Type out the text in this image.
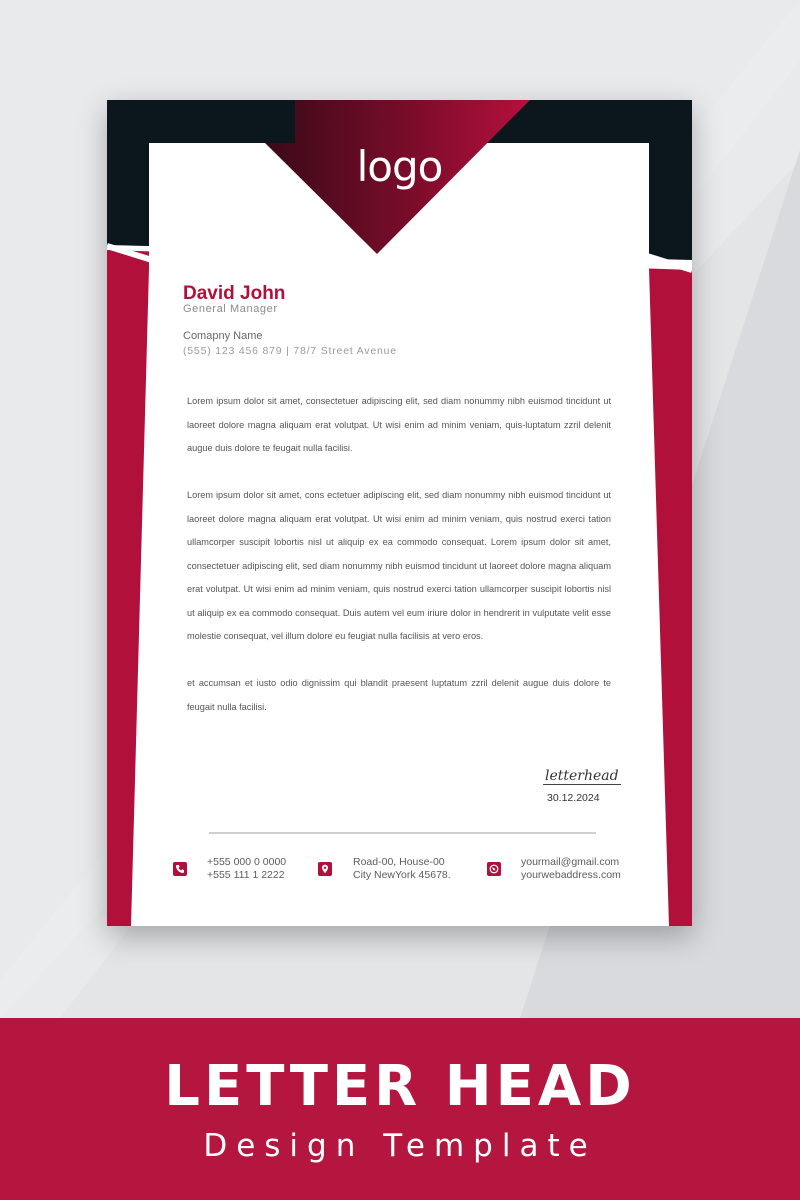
logo
David John
General Manager
Comapny Name
(555) 123 456 879 | 78/7 Street Avenue

Lorem ipsum dolor sit amet, consectetuer adipiscing elit, sed diam nonummy nibh euismod tincidunt ut laoreet dolore magna aliquam erat volutpat. Ut wisi enim ad minim veniam, quis-luptatum zzril delenit augue duis dolore te feugait nulla facilisi.

Lorem ipsum dolor sit amet, cons ectetuer adipiscing elit, sed diam nonummy nibh euismod tincidunt ut laoreet dolore magna aliquam erat volutpat. Ut wisi enim ad minim veniam, quis nostrud exerci tation ullamcorper suscipit lobortis nisl ut aliquip ex ea commodo consequat. Lorem ipsum dolor sit amet, consectetuer adipiscing elit, sed diam nonummy nibh euismod tincidunt ut laoreet dolore magna aliquam erat volutpat. Ut wisi enim ad minim veniam, quis nostrud exerci tation ullamcorper suscipit lobortis nisl ut aliquip ex ea commodo consequat. Duis autem vel eum iriure dolor in hendrerit in vulputate velit esse molestie consequat, vel illum dolore eu feugiat nulla facilisis at vero eros.

et accumsan et iusto odio dignissim qui blandit praesent luptatum zzril delenit augue duis dolore te feugait nulla facilisi.

letterhead
30.12.2024
+555 000 0 0000
+555 111 1 2222
Road-00, House-00
City NewYork 45678.
yourmail@gmail.com
yourwebaddress.com
LETTER HEAD
Design Template
